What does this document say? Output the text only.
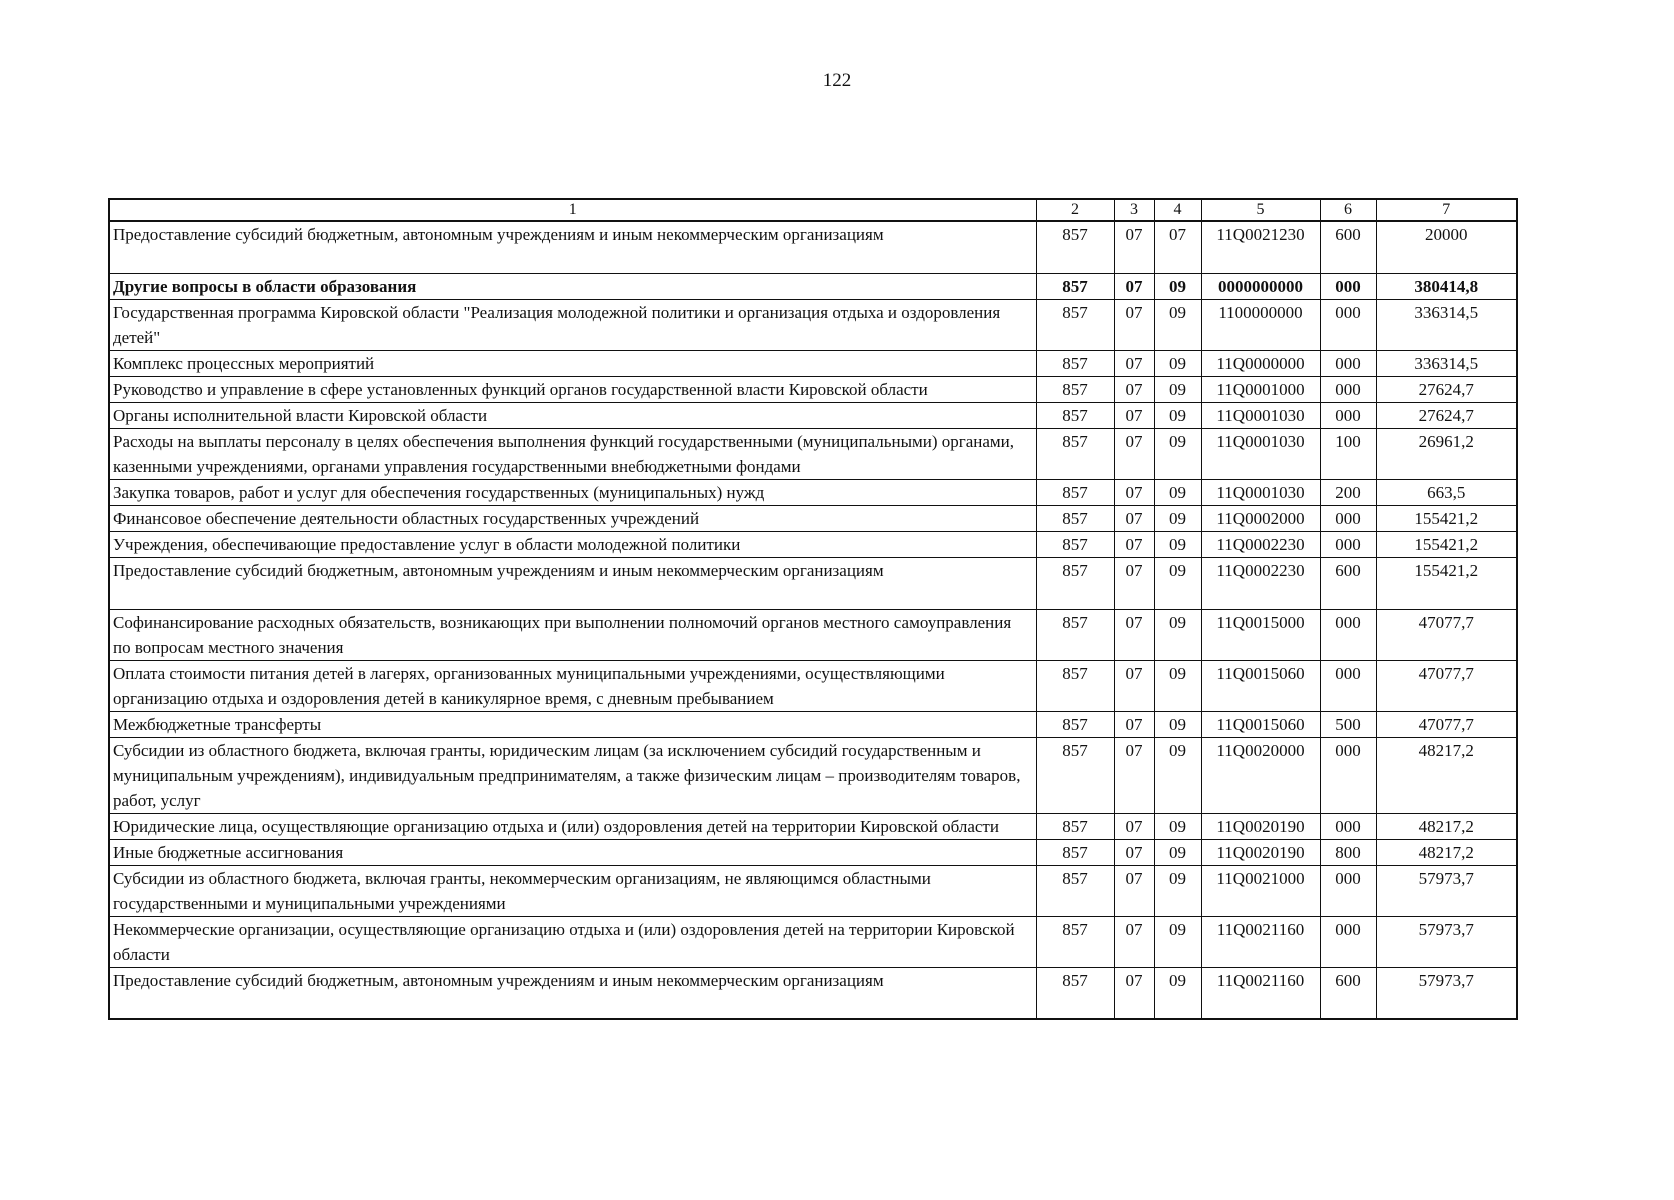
122
1	2	3	4	5	6	7
Предоставление субсидий бюджетным, автономным учреждениям и иным некоммерческим организациям	857	07	07	11Q0021230	600	20000
Другие вопросы в области образования	857	07	09	0000000000	000	380414,8
Государственная программа Кировской области "Реализация молодежной политики и организация отдыха и оздоровления детей"	857	07	09	1100000000	000	336314,5
Комплекс процессных мероприятий	857	07	09	11Q0000000	000	336314,5
Руководство и управление в сфере установленных функций органов государственной власти Кировской области	857	07	09	11Q0001000	000	27624,7
Органы исполнительной власти Кировской области	857	07	09	11Q0001030	000	27624,7
Расходы на выплаты персоналу в целях обеспечения выполнения функций государственными (муниципальными) органами, казенными учреждениями, органами управления государственными внебюджетными фондами	857	07	09	11Q0001030	100	26961,2
Закупка товаров, работ и услуг для обеспечения государственных (муниципальных) нужд	857	07	09	11Q0001030	200	663,5
Финансовое обеспечение деятельности областных государственных учреждений	857	07	09	11Q0002000	000	155421,2
Учреждения, обеспечивающие предоставление услуг в области молодежной политики	857	07	09	11Q0002230	000	155421,2
Предоставление субсидий бюджетным, автономным учреждениям и иным некоммерческим организациям	857	07	09	11Q0002230	600	155421,2
Софинансирование расходных обязательств, возникающих при выполнении полномочий органов местного самоуправления по вопросам местного значения	857	07	09	11Q0015000	000	47077,7
Оплата стоимости питания детей в лагерях, организованных муниципальными учреждениями, осуществляющими организацию отдыха и оздоровления детей в каникулярное время, с дневным пребыванием	857	07	09	11Q0015060	000	47077,7
Межбюджетные трансферты	857	07	09	11Q0015060	500	47077,7
Субсидии из областного бюджета, включая гранты, юридическим лицам (за исключением субсидий государственным и муниципальным учреждениям), индивидуальным предпринимателям, а также физическим лицам – производителям товаров, работ, услуг	857	07	09	11Q0020000	000	48217,2
Юридические лица, осуществляющие организацию отдыха и (или) оздоровления детей на территории Кировской области	857	07	09	11Q0020190	000	48217,2
Иные бюджетные ассигнования	857	07	09	11Q0020190	800	48217,2
Субсидии из областного бюджета, включая гранты, некоммерческим организациям, не являющимся областными государственными и муниципальными учреждениями	857	07	09	11Q0021000	000	57973,7
Некоммерческие организации, осуществляющие организацию отдыха и (или) оздоровления детей на территории Кировской области	857	07	09	11Q0021160	000	57973,7
Предоставление субсидий бюджетным, автономным учреждениям и иным некоммерческим организациям	857	07	09	11Q0021160	600	57973,7
